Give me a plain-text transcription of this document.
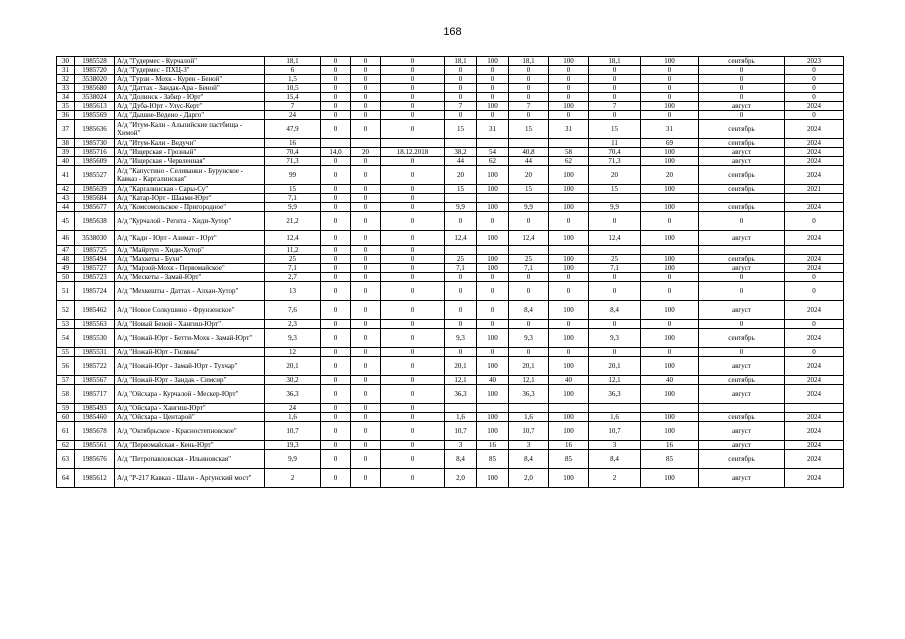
168
30	1985528	А/д "Гудермес - Курчалой"	18,1	0	0	0	18,1	100	18,1	100	18,1	100	сентябрь	2023
31	1985720	А/д "Гудермес - ПХЦ-3"	6	0	0	0	0	0	0	0	0	0	0	0
32	3538020	А/д "Гурзи - Мохк - Курен - Беной"	1,5	0	0	0	0	0	0	0	0	0	0	0
33	1985680	А/д "Даттах - Зандак-Ара - Беной"	10,5	0	0	0	0	0	0	0	0	0	0	0
34	3538024	А/д "Долинск - Забир - Юрт"	15,4	0	0	0	0	0	0	0	0	0	0	0
35	1985613	А/д "Дуба-Юрт - Улус-Керт"	7	0	0	0	7	100	7	100	7	100	август	2024
36	1985569	А/д "Дышне-Ведено - Дарго"	24	0	0	0	0	0	0	0	0	0	0	0
37	1985636	А/д "Итум-Кали - Альпийские пастбища - Химой"	47,9	0	0	0	15	31	15	31	15	31	сентябрь	2024
38	1985730	А/д "Итум-Кали - Ведучи"	16								11	69	сентябрь	2024
39	1985716	А/д "Ищерская - Грозный"	70,4	14,0	20	18.12.2018	38,2	54	40,8	58	70,4	100	август	2024
40	1985609	А/д "Ищерская - Червленная"	71,3	0	0	0	44	62	44	62	71,3	100	август	2024
41	1985527	А/д "Капустино - Селиванки - Бурунское - Кавказ - Каргалинская"	99	0	0	0	20	100	20	100	20	20	сентябрь	2024
42	1985639	А/д "Каргалинская - Сары-Су"	15	0	0	0	15	100	15	100	15	100	сентябрь	2021
43	1985684	А/д "Катар-Юрт - Шаами-Юрт"	7,1	0	0	0								
44	1985677	А/д "Комсомольское - Пригородное"	9,9	0	0	0	9,9	100	9,9	100	9,9	100	сентябрь	2024
45	1985638	А/д "Курчалой - Регита - Хиди-Хутор"	21,2	0	0	0	0	0	0	0	0	0	0	0
46	3538030	А/д "Кади - Юрт - Азимат - Юрт"	12,4	0	0	0	12,4	100	12,4	100	12,4	100	август	2024
47	1985725	А/д "Майртуп - Хиди-Хутор"	11,2	0	0	0								
48	1985494	А/д "Махкеты - Бухи"	25	0	0	0	25	100	25	100	25	100	сентябрь	2024
49	1985727	А/д "Марзой-Мохк - Первомайское"	7,1	0	0	0	7,1	100	7,1	100	7,1	100	август	2024
50	1985723	А/д "Мескеты - Замай-Юрт"	2,7	0	0	0	0	0	0	0	0	0	0	0
51	1985724	А/д "Мехкешты - Даттах - Алхан-Хутор"	13	0	0	0	0	0	0	0	0	0	0	0
52	1985462	А/д "Новое Солкушино - Фрунзенское"	7,6	0	0	0	0	0	8,4	100	8,4	100	август	2024
53	1985563	А/д "Новый Беной - Хангиш-Юрт"	2,3	0	0	0	0	0	0	0	0	0	0	0
54	1985530	А/д "Ножай-Юрт - Бетти-Мохк - Замай-Юрт"	9,3	0	0	0	9,3	100	9,3	100	9,3	100	сентябрь	2024
55	1985531	А/д "Ножай-Юрт - Гиляны"	12	0	0	0	0	0	0	0	0	0	0	0
56	1985722	А/д "Ножай-Юрт - Замай-Юрт - Тухчар"	20,1	0	0	0	20,1	100	20,1	100	20,1	100	август	2024
57	1985567	А/д "Ножай-Юрт - Зандак - Симсир"	30,2	0	0	0	12,1	40	12,1	40	12,1	40	сентябрь	2024
58	1985717	А/д "Ойсхара - Курчалой - Мескер-Юрт"	36,3	0	0	0	36,3	100	36,3	100	36,3	100	август	2024
59	1985493	А/д "Ойсхара - Хангиш-Юрт"	24	0	0	0								
60	1985460	А/д "Ойсхара - Центарой"	1,6	0	0	0	1,6	100	1,6	100	1,6	100	сентябрь	2024
61	1985678	А/д "Октябрьское - Красностепновское"	10,7	0	0	0	10,7	100	10,7	100	10,7	100	август	2024
62	1985561	А/д "Первомайская - Кень-Юрт"	19,3	0	0	0	3	16	3	16	3	16	август	2024
63	1985676	А/д "Петропавловская - Ильиновская"	9,9	0	0	0	8,4	85	8,4	85	8,4	85	сентябрь	2024
64	1985612	А/д "Р-217 Кавказ - Шали - Аргунский мост"	2	0	0	0	2,0	100	2,0	100	2	100	август	2024
